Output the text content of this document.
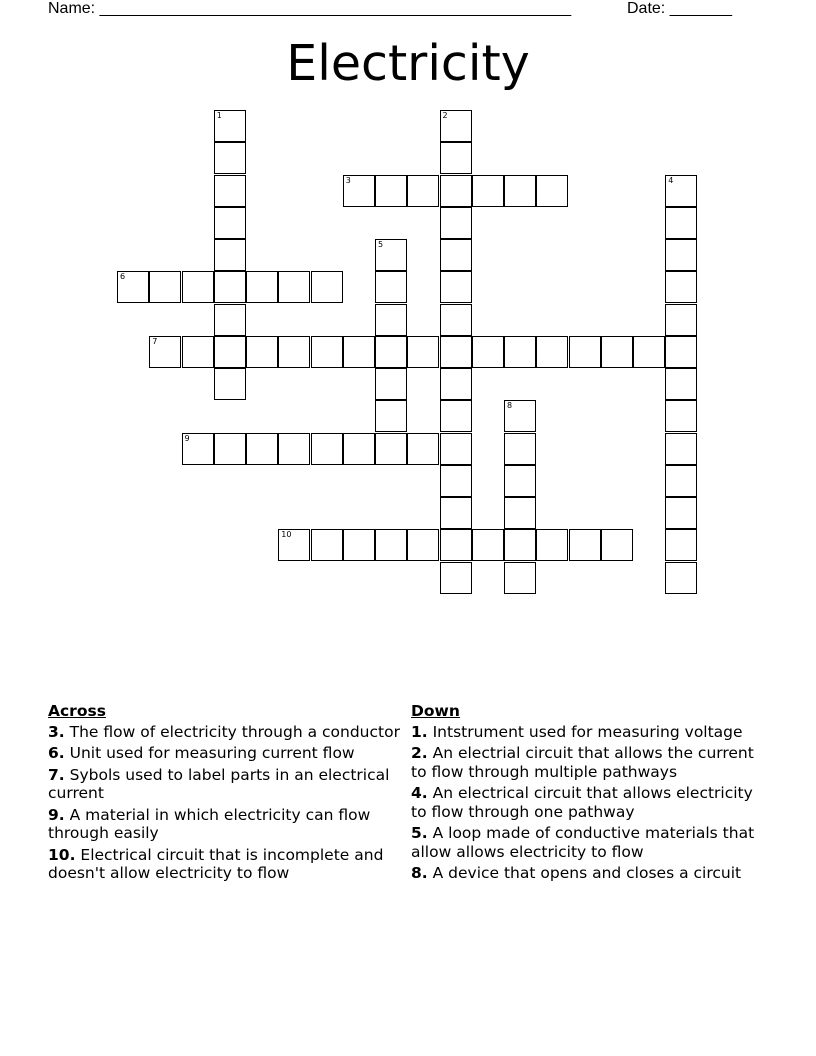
Name: _____________________________________________________	Date: _______
Electricity
1	2
3	4
5
6
7
8
9
10
Across
3. The flow of electricity through a conductor
6. Unit used for measuring current flow
7. Sybols used to label parts in an electrical current
9. A material in which electricity can flow through easily
10. Electrical circuit that is incomplete and doesn't allow electricity to flow
Down
1. Intstrument used for measuring voltage
2. An electrial circuit that allows the current to flow through multiple pathways
4. An electrical circuit that allows electricity to flow through one pathway
5. A loop made of conductive materials that allow allows electricity to flow
8. A device that opens and closes a circuit
